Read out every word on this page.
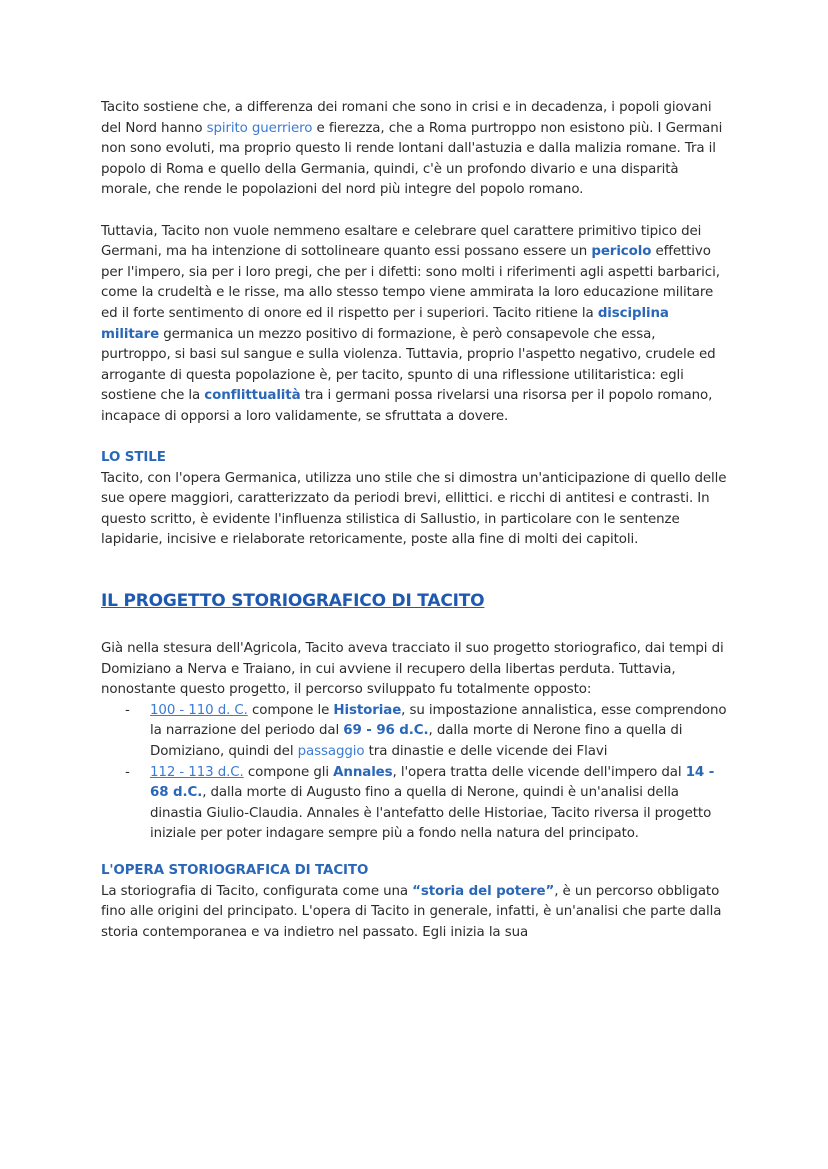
Tacito sostiene che, a differenza dei romani che sono in crisi e in decadenza, i popoli giovani del Nord hanno spirito guerriero e fierezza, che a Roma purtroppo non esistono più. I Germani non sono evoluti, ma proprio questo li rende lontani dall'astuzia e dalla malizia romane. Tra il popolo di Roma e quello della Germania, quindi, c'è un profondo divario e una disparità morale, che rende le popolazioni del nord più integre del popolo romano.

Tuttavia, Tacito non vuole nemmeno esaltare e celebrare quel carattere primitivo tipico dei Germani, ma ha intenzione di sottolineare quanto essi possano essere un pericolo effettivo per l'impero, sia per i loro pregi, che per i difetti: sono molti i riferimenti agli aspetti barbarici, come la crudeltà e le risse, ma allo stesso tempo viene ammirata la loro educazione militare ed il forte sentimento di onore ed il rispetto per i superiori. Tacito ritiene la disciplina militare germanica un mezzo positivo di formazione, è però consapevole che essa, purtroppo, si basi sul sangue e sulla violenza. Tuttavia, proprio l'aspetto negativo, crudele ed arrogante di questa popolazione è, per tacito, spunto di una riflessione utilitaristica: egli sostiene che la conflittualità tra i germani possa rivelarsi una risorsa per il popolo romano, incapace di opporsi a loro validamente, se sfruttata a dovere.

LO STILE

Tacito, con l'opera Germanica, utilizza uno stile che si dimostra un'anticipazione di quello delle sue opere maggiori, caratterizzato da periodi brevi, ellittici. e ricchi di antitesi e contrasti. In questo scritto, è evidente l'influenza stilistica di Sallustio, in particolare con le sentenze lapidarie, incisive e rielaborate retoricamente, poste alla fine di molti dei capitoli.

IL PROGETTO STORIOGRAFICO DI TACITO

Già nella stesura dell'Agricola, Tacito aveva tracciato il suo progetto storiografico, dai tempi di Domiziano a Nerva e Traiano, in cui avviene il recupero della libertas perduta. Tuttavia, nonostante questo progetto, il percorso sviluppato fu totalmente opposto:

- 100 - 110 d. C. compone le Historiae, su impostazione annalistica, esse comprendono la narrazione del periodo dal 69 - 96 d.C., dalla morte di Nerone fino a quella di Domiziano, quindi del passaggio tra dinastie e delle vicende dei Flavi
- 112 - 113 d.C. compone gli Annales, l'opera tratta delle vicende dell'impero dal 14 - 68 d.C., dalla morte di Augusto fino a quella di Nerone, quindi è un'analisi della dinastia Giulio-Claudia. Annales è l'antefatto delle Historiae, Tacito riversa il progetto iniziale per poter indagare sempre più a fondo nella natura del principato.

L'OPERA STORIOGRAFICA DI TACITO

La storiografia di Tacito, configurata come una “storia del potere”, è un percorso obbligato fino alle origini del principato. L'opera di Tacito in generale, infatti, è un'analisi che parte dalla storia contemporanea e va indietro nel passato. Egli inizia la sua
